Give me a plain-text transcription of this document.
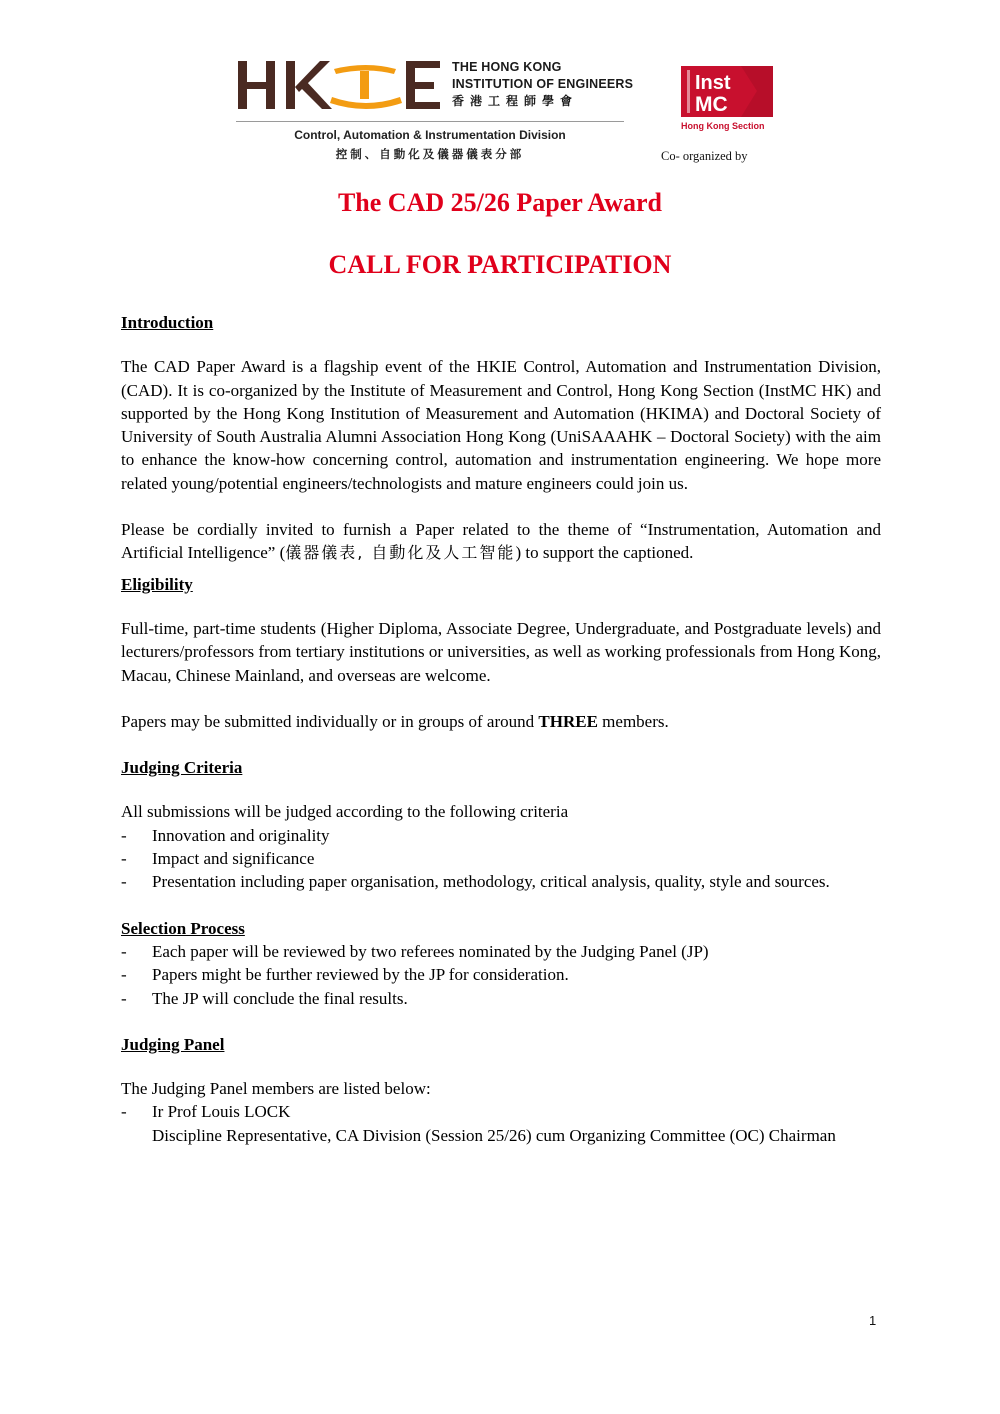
THE HONG KONG
INSTITUTION OF ENGINEERS
香港工程師學會
Control, Automation & Instrumentation Division
控制、自動化及儀器儀表分部
Inst
MC
Hong Kong Section
Co- organized by
The CAD 25/26 Paper Award
CALL FOR PARTICIPATION

Introduction

The CAD Paper Award is a flagship event of the HKIE Control, Automation and Instrumentation Division, (CAD). It is co-organized by the Institute of Measurement and Control, Hong Kong Section (InstMC HK) and supported by the Hong Kong Institution of Measurement and Automation (HKIMA) and Doctoral Society of University of South Australia Alumni Association Hong Kong (UniSAAAHK – Doctoral Society) with the aim to enhance the know-how concerning control, automation and instrumentation engineering. We hope more related young/potential engineers/technologists and mature engineers could join us.

Please be cordially invited to furnish a Paper related to the theme of “Instrumentation, Automation and Artificial Intelligence” (儀器儀表, 自動化及人工智能) to support the captioned.

Eligibility

Full-time, part-time students (Higher Diploma, Associate Degree, Undergraduate, and Postgraduate levels) and lecturers/professors from tertiary institutions or universities, as well as working professionals from Hong Kong, Macau, Chinese Mainland, and overseas are welcome.

Papers may be submitted individually or in groups of around THREE members.

Judging Criteria

All submissions will be judged according to the following criteria

- Innovation and originality
- Impact and significance
- Presentation including paper organisation, methodology, critical analysis, quality, style and sources.

Selection Process

- Each paper will be reviewed by two referees nominated by the Judging Panel (JP)
- Papers might be further reviewed by the JP for consideration.
- The JP will conclude the final results.

Judging Panel

The Judging Panel members are listed below:

- Ir Prof Louis LOCK
Discipline Representative, CA Division (Session 25/26) cum Organizing Committee (OC) Chairman
1
